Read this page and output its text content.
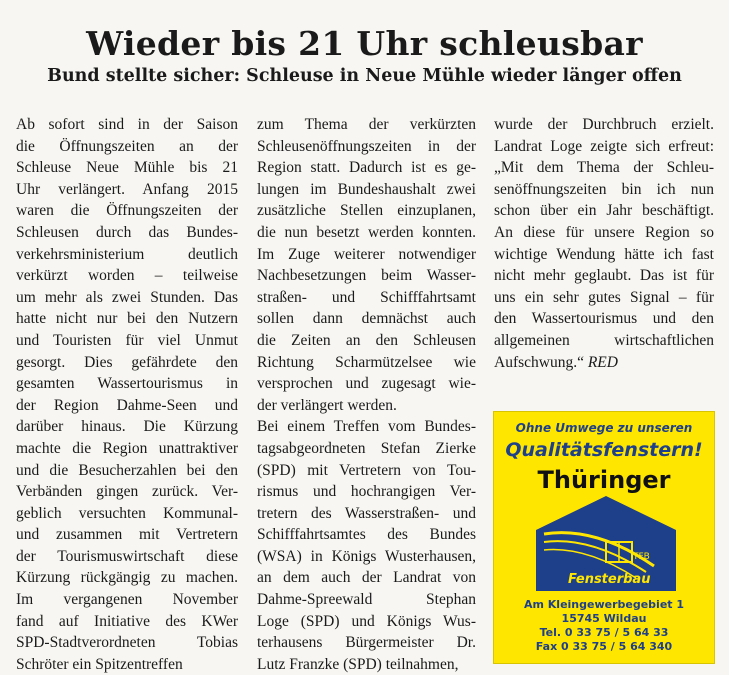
Wieder bis 21 Uhr schleusbar
Bund stellte sicher: Schleuse in Neue Mühle wieder länger offen
Ab sofort sind in der Saison
die Öffnungszeiten an der
Schleuse Neue Mühle bis 21
Uhr verlängert. Anfang 2015
waren die Öffnungszeiten der
Schleusen durch das Bundes-
verkehrsministerium deutlich
verkürzt worden – teilweise
um mehr als zwei Stunden. Das
hatte nicht nur bei den Nutzern
und Touristen für viel Unmut
gesorgt. Dies gefährdete den
gesamten Wassertourismus in
der Region Dahme-Seen und
darüber hinaus. Die Kürzung
machte die Region unattraktiver
und die Besucherzahlen bei den
Verbänden gingen zurück. Ver-
geblich versuchten Kommunal-
und zusammen mit Vertretern
der Tourismuswirtschaft diese
Kürzung rückgängig zu machen.
Im vergangenen November
fand auf Initiative des KWer
SPD-Stadtverordneten Tobias
Schröter ein Spitzentreffen
zum Thema der verkürzten
Schleusenöffnungszeiten in der
Region statt. Dadurch ist es ge-
lungen im Bundeshaushalt zwei
zusätzliche Stellen einzuplanen,
die nun besetzt werden konnten.
Im Zuge weiterer notwendiger
Nachbesetzungen beim Wasser-
straßen- und Schifffahrtsamt
sollen dann demnächst auch
die Zeiten an den Schleusen
Richtung Scharmützelsee wie
versprochen und zugesagt wie-
der verlängert werden.
Bei einem Treffen vom Bundes-
tagsabgeordneten Stefan Zierke
(SPD) mit Vertretern von Tou-
rismus und hochrangigen Ver-
tretern des Wasserstraßen- und
Schifffahrtsamtes des Bundes
(WSA) in Königs Wusterhausen,
an dem auch der Landrat von
Dahme-Spreewald Stephan
Loge (SPD) und Königs Wus-
terhausens Bürgermeister Dr.
Lutz Franzke (SPD) teilnahmen,
wurde der Durchbruch erzielt.
Landrat Loge zeigte sich erfreut:
„Mit dem Thema der Schleu-
senöffnungszeiten bin ich nun
schon über ein Jahr beschäftigt.
An diese für unsere Region so
wichtige Wendung hätte ich fast
nicht mehr geglaubt. Das ist für
uns ein sehr gutes Signal – für
den Wassertourismus und den
allgemeinen wirtschaftlichen
Aufschwung.“ RED
Ohne Umwege zu unseren
Qualitätsfenstern!
Thüringer
TFB
Fensterbau
Am Kleingewerbegebiet 1
15745 Wildau
Tel. 0 33 75 / 5 64 33
Fax 0 33 75 / 5 64 340
